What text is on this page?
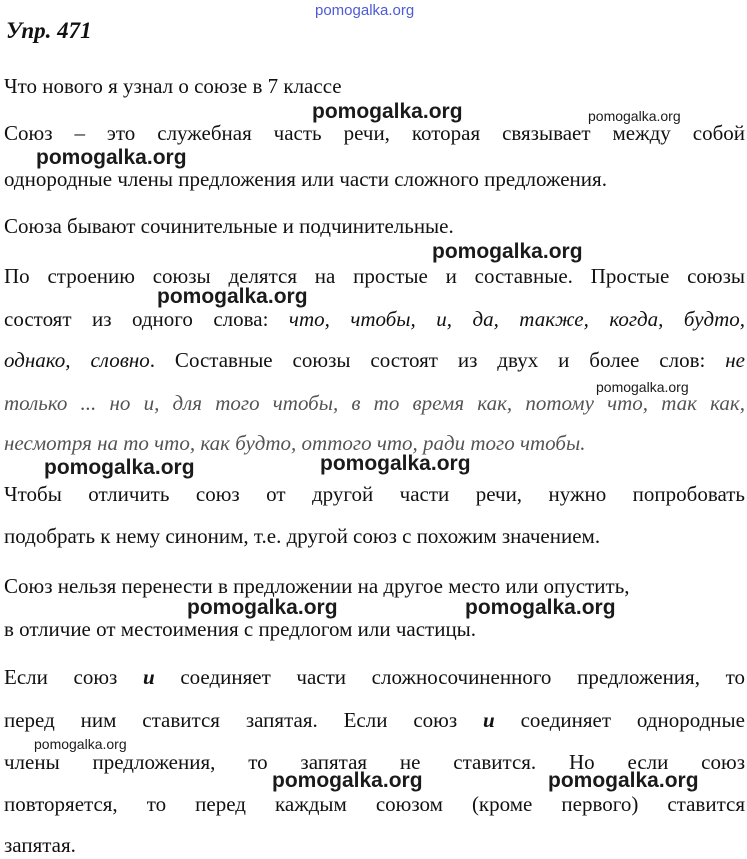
pomogalka.org
Упр. 471
Что нового я узнал о союзе в 7 классе
Союз – это служебная часть речи, которая связывает между собой
однородные члены предложения или части сложного предложения.
Союза бывают сочинительные и подчинительные.
По строению союзы делятся на простые и составные. Простые союзы
состоят из одного слова: что, чтобы, и, да, также, когда, будто,
однако, словно. Составные союзы состоят из двух и более слов: не
только ... но и, для того чтобы, в то время как, потому что, так как,
несмотря на то что, как будто, оттого что, ради того чтобы.
Чтобы отличить союз от другой части речи, нужно попробовать
подобрать к нему синоним, т.е. другой союз с похожим значением.
Союз нельзя перенести в предложении на другое место или опустить,
в отличие от местоимения с предлогом или частицы.
Если союз и соединяет части сложносочиненного предложения, то
перед ним ставится запятая. Если союз и соединяет однородные
члены предложения, то запятая не ставится. Но если союз
повторяется, то перед каждым союзом (кроме первого) ставится
запятая.
pomogalka.org	pomogalka.org
pomogalka.org
pomogalka.org
pomogalka.org
pomogalka.org
pomogalka.org	pomogalka.org
pomogalka.org	pomogalka.org
pomogalka.org
pomogalka.org	pomogalka.org
